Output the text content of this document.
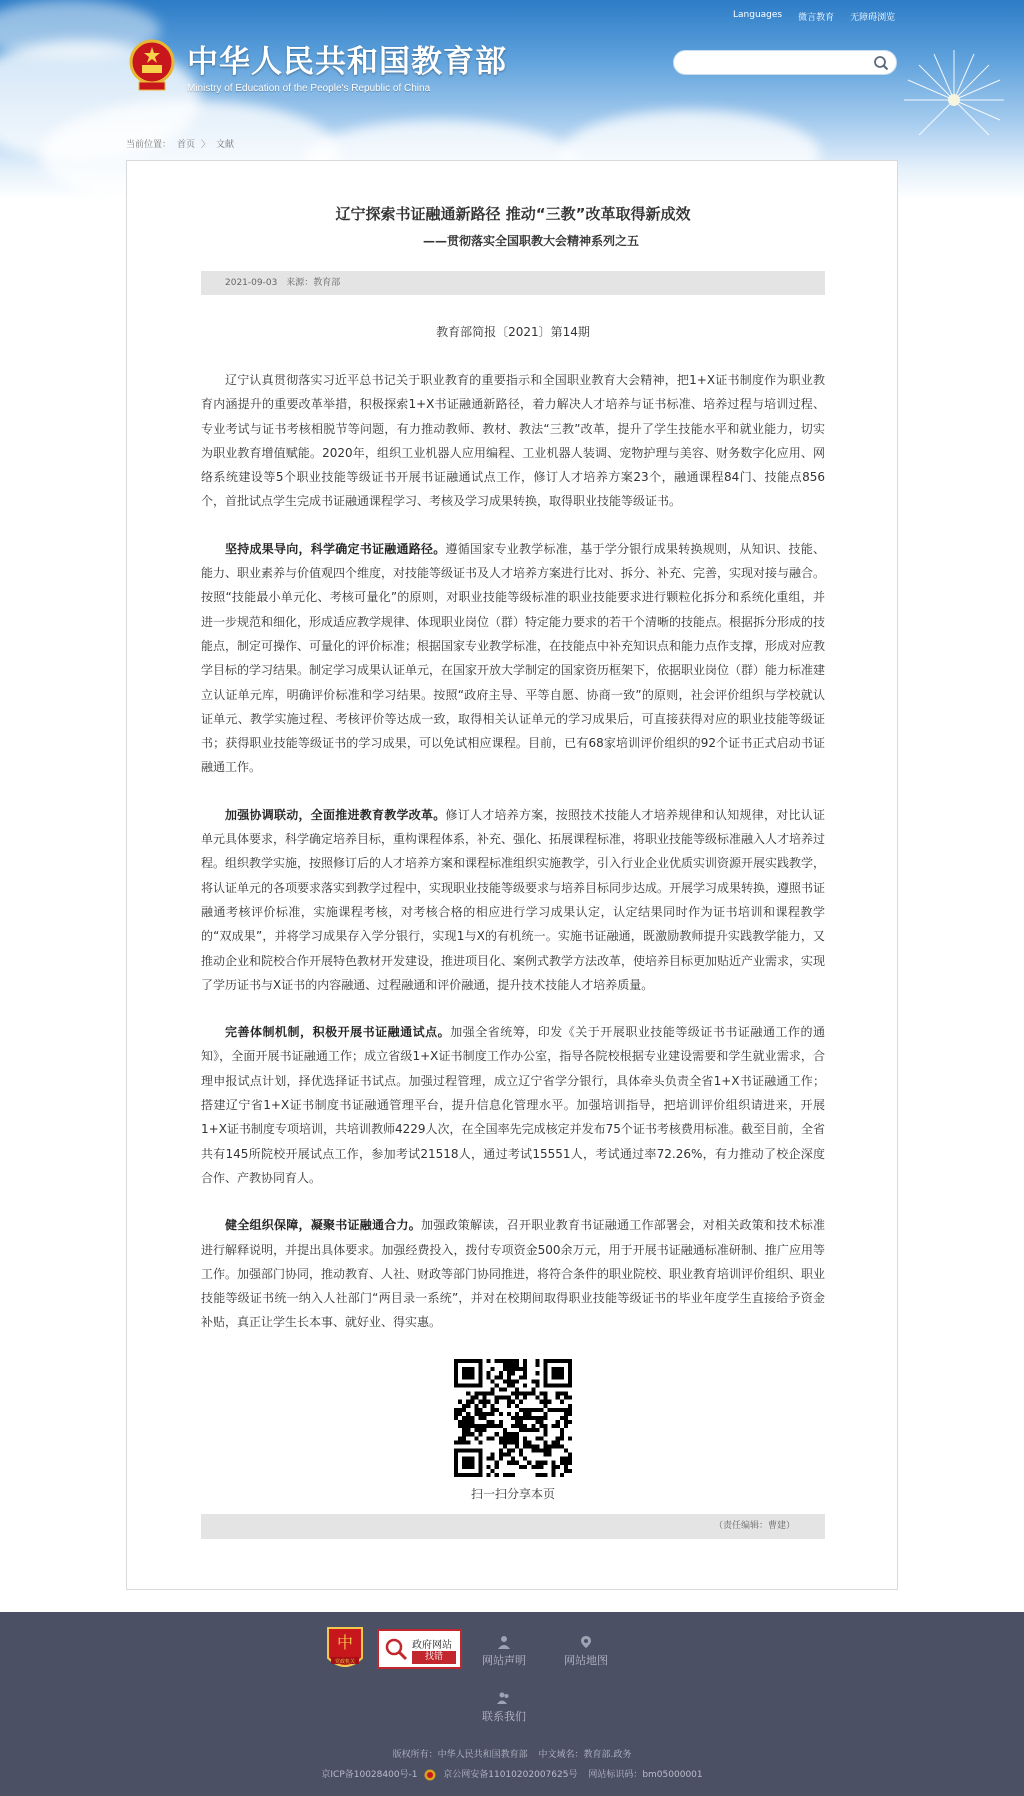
Languages 微言教育 无障碍浏览
中华人民共和国教育部
Ministry of Education of the People's Republic of China
当前位置： 首页 〉 文献
辽宁探索书证融通新路径 推动“三教”改革取得新成效
——贯彻落实全国职教大会精神系列之五
2021-09-03 来源：教育部
教育部简报〔2021〕第14期

辽宁认真贯彻落实习近平总书记关于职业教育的重要指示和全国职业教育大会精神，把1+X证书制度作为职业教育内涵提升的重要改革举措，积极探索1+X书证融通新路径，着力解决人才培养与证书标准、培养过程与培训过程、专业考试与证书考核相脱节等问题，有力推动教师、教材、教法“三教”改革，提升了学生技能水平和就业能力，切实为职业教育增值赋能。2020年，组织工业机器人应用编程、工业机器人装调、宠物护理与美容、财务数字化应用、网络系统建设等5个职业技能等级证书开展书证融通试点工作，修订人才培养方案23个，融通课程84门、技能点856个，首批试点学生完成书证融通课程学习、考核及学习成果转换，取得职业技能等级证书。

坚持成果导向，科学确定书证融通路径。遵循国家专业教学标准，基于学分银行成果转换规则，从知识、技能、能力、职业素养与价值观四个维度，对技能等级证书及人才培养方案进行比对、拆分、补充、完善，实现对接与融合。按照“技能最小单元化、考核可量化”的原则，对职业技能等级标准的职业技能要求进行颗粒化拆分和系统化重组，并进一步规范和细化，形成适应教学规律、体现职业岗位（群）特定能力要求的若干个清晰的技能点。根据拆分形成的技能点，制定可操作、可量化的评价标准；根据国家专业教学标准，在技能点中补充知识点和能力点作支撑，形成对应教学目标的学习结果。制定学习成果认证单元，在国家开放大学制定的国家资历框架下，依据职业岗位（群）能力标准建立认证单元库，明确评价标准和学习结果。按照“政府主导、平等自愿、协商一致”的原则，社会评价组织与学校就认证单元、教学实施过程、考核评价等达成一致，取得相关认证单元的学习成果后，可直接获得对应的职业技能等级证书；获得职业技能等级证书的学习成果，可以免试相应课程。目前，已有68家培训评价组织的92个证书正式启动书证融通工作。

加强协调联动，全面推进教育教学改革。修订人才培养方案，按照技术技能人才培养规律和认知规律，对比认证单元具体要求，科学确定培养目标，重构课程体系，补充、强化、拓展课程标准，将职业技能等级标准融入人才培养过程。组织教学实施，按照修订后的人才培养方案和课程标准组织实施教学，引入行业企业优质实训资源开展实践教学，将认证单元的各项要求落实到教学过程中，实现职业技能等级要求与培养目标同步达成。开展学习成果转换，遵照书证融通考核评价标准，实施课程考核，对考核合格的相应进行学习成果认定，认定结果同时作为证书培训和课程教学的“双成果”，并将学习成果存入学分银行，实现1与X的有机统一。实施书证融通，既激励教师提升实践教学能力，又推动企业和院校合作开展特色教材开发建设，推进项目化、案例式教学方法改革，使培养目标更加贴近产业需求，实现了学历证书与X证书的内容融通、过程融通和评价融通，提升技术技能人才培养质量。

完善体制机制，积极开展书证融通试点。加强全省统筹，印发《关于开展职业技能等级证书书证融通工作的通知》，全面开展书证融通工作；成立省级1+X证书制度工作办公室，指导各院校根据专业建设需要和学生就业需求，合理申报试点计划，择优选择证书试点。加强过程管理，成立辽宁省学分银行，具体牵头负责全省1+X书证融通工作；搭建辽宁省1+X证书制度书证融通管理平台，提升信息化管理水平。加强培训指导，把培训评价组织请进来，开展1+X证书制度专项培训，共培训教师4229人次，在全国率先完成核定并发布75个证书考核费用标准。截至目前，全省共有145所院校开展试点工作，参加考试21518人，通过考试15551人，考试通过率72.26%，有力推动了校企深度合作、产教协同育人。

健全组织保障，凝聚书证融通合力。加强政策解读，召开职业教育书证融通工作部署会，对相关政策和技术标准进行解释说明，并提出具体要求。加强经费投入，拨付专项资金500余万元，用于开展书证融通标准研制、推广应用等工作。加强部门协同，推动教育、人社、财政等部门协同推进，将符合条件的职业院校、职业教育培训评价组织、职业技能等级证书统一纳入人社部门“两目录一系统”，并对在校期间取得职业技能等级证书的毕业年度学生直接给予资金补贴，真正让学生长本事、就好业、得实惠。

扫一扫分享本页
（责任编辑：曹建）
中
党政机关
政府网站
找错	网站声明	网站地图
联系我们
版权所有：中华人民共和国教育部 中文域名：教育部.政务
京ICP备10028400号-1	京公网安备11010202007625号 网站标识码：bm05000001
